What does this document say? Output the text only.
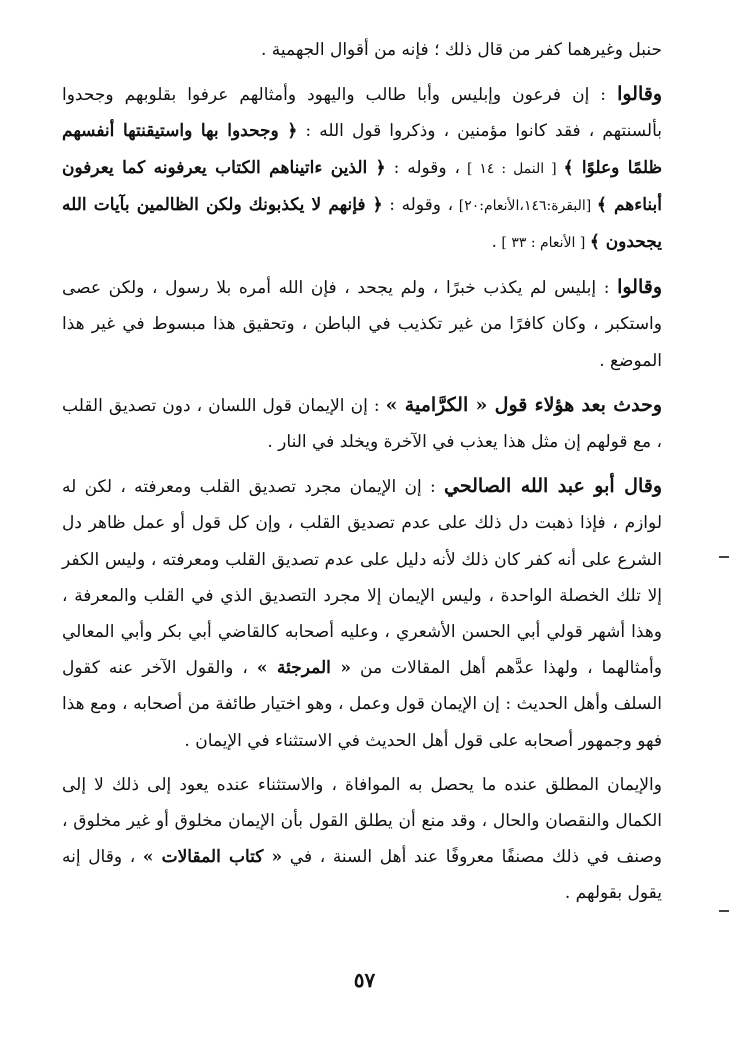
حنبل وغيرهما كفر من قال ذلك ؛ فإنه من أقوال الجهمية .

وقالوا : إن فرعون وإبليس وأبا طالب واليهود وأمثالهم عرفوا بقلوبهم وجحدوا بألسنتهم ، فقد كانوا مؤمنين ، وذكروا قول الله : ﴿ وجحدوا بها واستيقنتها أنفسهم ظلمًا وعلوًا ﴾ [ النمل : ١٤ ] ، وقوله : ﴿ الذين ءاتيناهم الكتاب يعرفونه كما يعرفون أبناءهم ﴾ [البقرة:١٤٦،الأنعام:٢٠] ، وقوله : ﴿ فإنهم لا يكذبونك ولكن الظالمين بآيات الله يجحدون ﴾ [ الأنعام : ٣٣ ] .

وقالوا : إبليس لم يكذب خبرًا ، ولم يجحد ، فإن الله أمره بلا رسول ، ولكن عصى واستكبر ، وكان كافرًا من غير تكذيب في الباطن ، وتحقيق هذا مبسوط في غير هذا الموضع .

وحدث بعد هؤلاء قول « الكرَّامية » : إن الإيمان قول اللسان ، دون تصديق القلب ، مع قولهم إن مثل هذا يعذب في الآخرة ويخلد في النار .

وقال أبو عبد الله الصالحي : إن الإيمان مجرد تصديق القلب ومعرفته ، لكن له لوازم ، فإذا ذهبت دل ذلك على عدم تصديق القلب ، وإن كل قول أو عمل ظاهر دل الشرع على أنه كفر كان ذلك لأنه دليل على عدم تصديق القلب ومعرفته ، وليس الكفر إلا تلك الخصلة الواحدة ، وليس الإيمان إلا مجرد التصديق الذي في القلب والمعرفة ، وهذا أشهر قولي أبي الحسن الأشعري ، وعليه أصحابه كالقاضي أبي بكر وأبي المعالي وأمثالهما ، ولهذا عدَّهم أهل المقالات من « المرجئة » ، والقول الآخر عنه كقول السلف وأهل الحديث : إن الإيمان قول وعمل ، وهو اختيار طائفة من أصحابه ، ومع هذا فهو وجمهور أصحابه على قول أهل الحديث في الاستثناء في الإيمان .

والإيمان المطلق عنده ما يحصل به الموافاة ، والاستثناء عنده يعود إلى ذلك لا إلى الكمال والنقصان والحال ، وقد منع أن يطلق القول بأن الإيمان مخلوق أو غير مخلوق ، وصنف في ذلك مصنفًا معروفًا عند أهل السنة ، في « كتاب المقالات » ، وقال إنه يقول بقولهم .

٥٧
